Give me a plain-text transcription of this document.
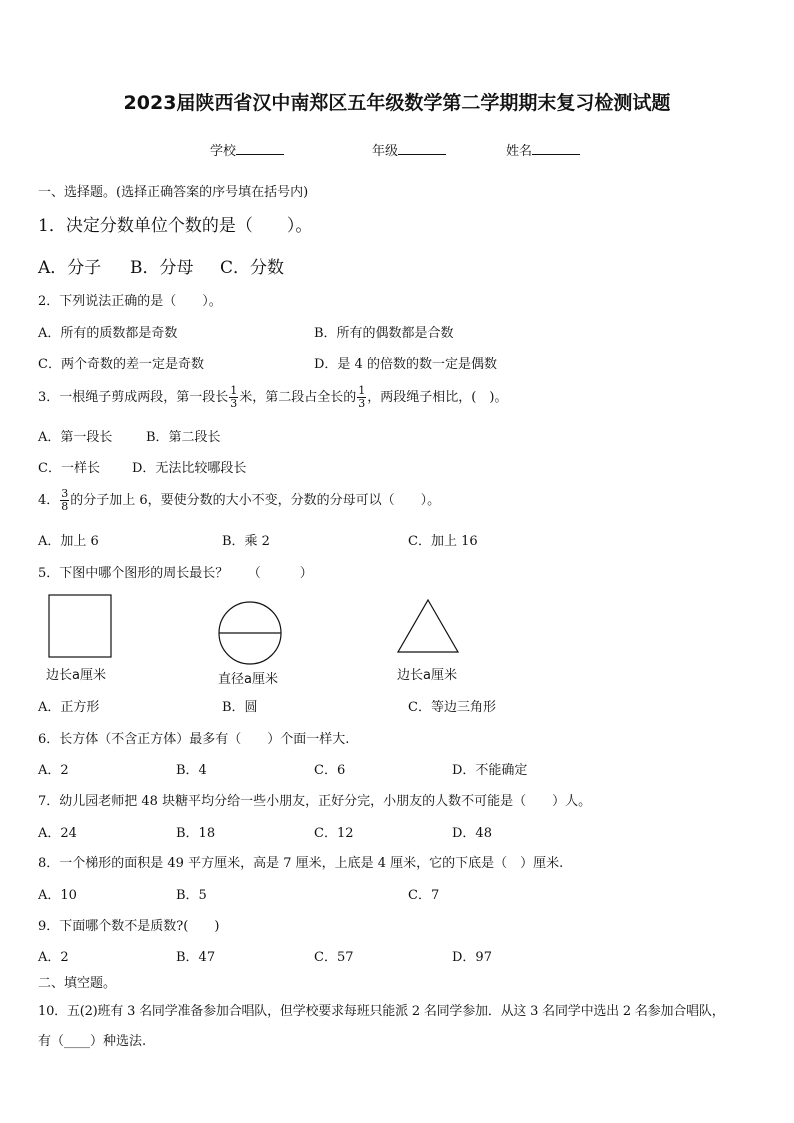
2023届陕西省汉中南郑区五年级数学第二学期期末复习检测试题
学校	年级	姓名
一、选择题。(选择正确答案的序号填在括号内)
1．决定分数单位个数的是（　　）。
A．分子 B．分母 C．分数
2．下列说法正确的是（　　）。
A．所有的质数都是奇数	B．所有的偶数都是合数
C．两个奇数的差一定是奇数	D．是 4 的倍数的数一定是偶数
3．一根绳子剪成两段，第一段长 $\frac{1}{3}$ 米，第二段占全长的 $\frac{1}{3}$ ，两段绳子相比，(　)。
A．第一段长	B．第二段长
C．一样长 D．无法比较哪段长
4． $\frac{3}{8}$ 的分子加上 6，要使分数的大小不变，分数的分母可以（　　）。
A．加上 6	B．乘 2	C．加上 16
5．下图中哪个图形的周长最长？　　（　　　）
边长a厘米	直径a厘米	边长a厘米
A．正方形	B．圆	C．等边三角形
6．长方体（不含正方体）最多有（　　）个面一样大.
A．2	B．4	C．6	D．不能确定
7．幼儿园老师把 48 块糖平均分给一些小朋友，正好分完，小朋友的人数不可能是（　　）人。
A．24	B．18	C．12	D．48
8．一个梯形的面积是 49 平方厘米，高是 7 厘米，上底是 4 厘米，它的下底是（　）厘米.
A．10	B．5	C．7
9．下面哪个数不是质数?(　　)
A．2	B．47	C．57	D．97
二、填空题。
10．五(2)班有 3 名同学准备参加合唱队，但学校要求每班只能派 2 名同学参加．从这 3 名同学中选出 2 名参加合唱队，
有（____）种选法.
